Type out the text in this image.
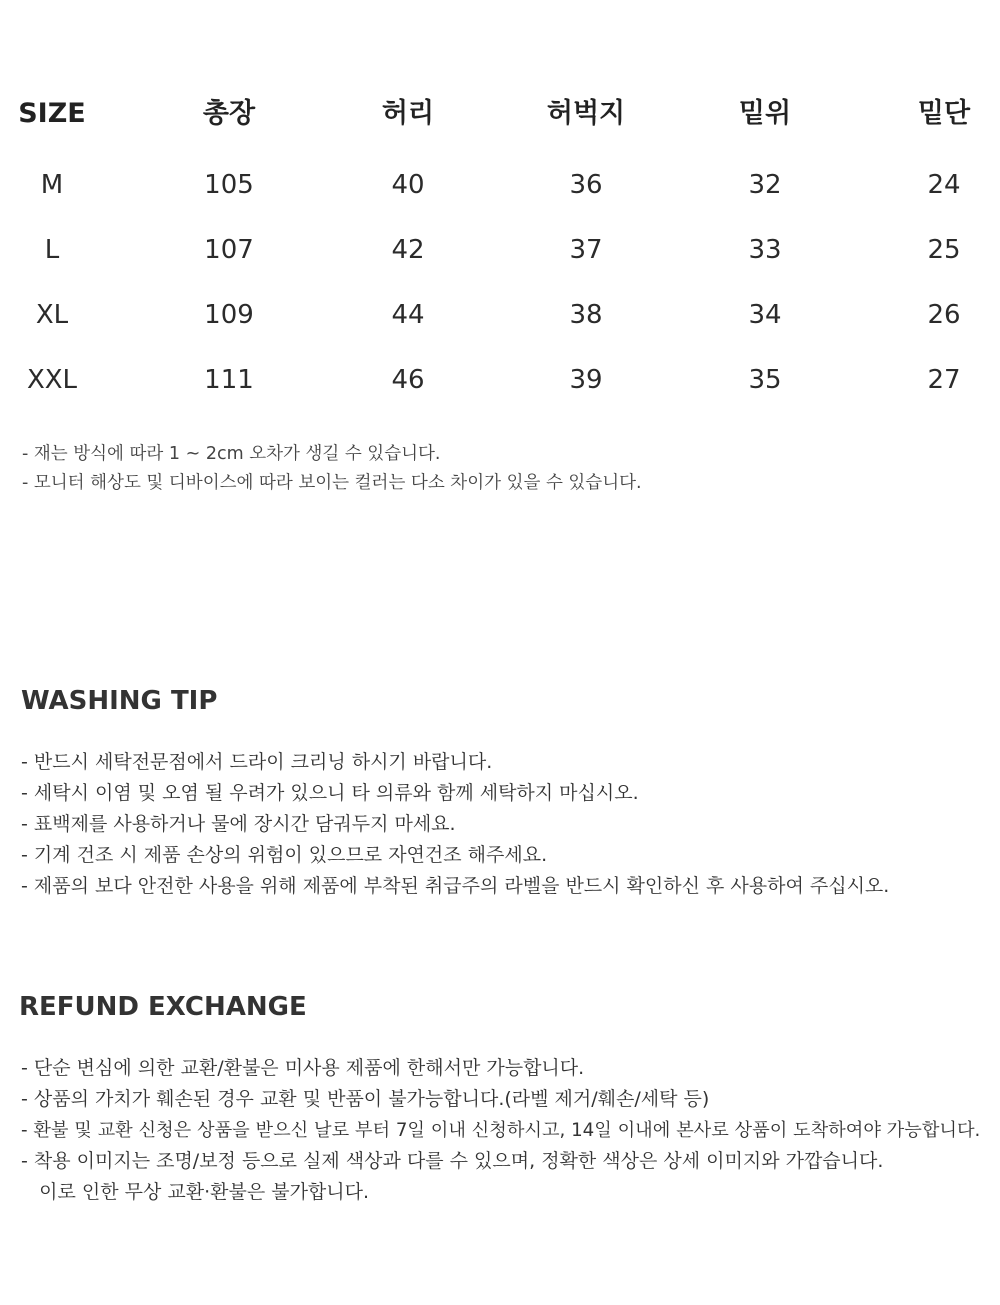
SIZE	총장	허리	허벅지	밑위	밑단
M	105	40	36	32	24
L	107	42	37	33	25
XL	109	44	38	34	26
XXL	111	46	39	35	27
- 재는 방식에 따라 1 ~ 2cm 오차가 생길 수 있습니다.
- 모니터 해상도 및 디바이스에 따라 보이는 컬러는 다소 차이가 있을 수 있습니다.
WASHING TIP
- 반드시 세탁전문점에서 드라이 크리닝 하시기 바랍니다.
- 세탁시 이염 및 오염 될 우려가 있으니 타 의류와 함께 세탁하지 마십시오.
- 표백제를 사용하거나 물에 장시간 담궈두지 마세요.
- 기계 건조 시 제품 손상의 위험이 있으므로 자연건조 해주세요.
- 제품의 보다 안전한 사용을 위해 제품에 부착된 취급주의 라벨을 반드시 확인하신 후 사용하여 주십시오.
REFUND EXCHANGE
- 단순 변심에 의한 교환/환불은 미사용 제품에 한해서만 가능합니다.
- 상품의 가치가 훼손된 경우 교환 및 반품이 불가능합니다.(라벨 제거/훼손/세탁 등)
- 환불 및 교환 신청은 상품을 받으신 날로 부터 7일 이내 신청하시고, 14일 이내에 본사로 상품이 도착하여야 가능합니다.
- 착용 이미지는 조명/보정 등으로 실제 색상과 다를 수 있으며, 정확한 색상은 상세 이미지와 가깝습니다.
이로 인한 무상 교환·환불은 불가합니다.
